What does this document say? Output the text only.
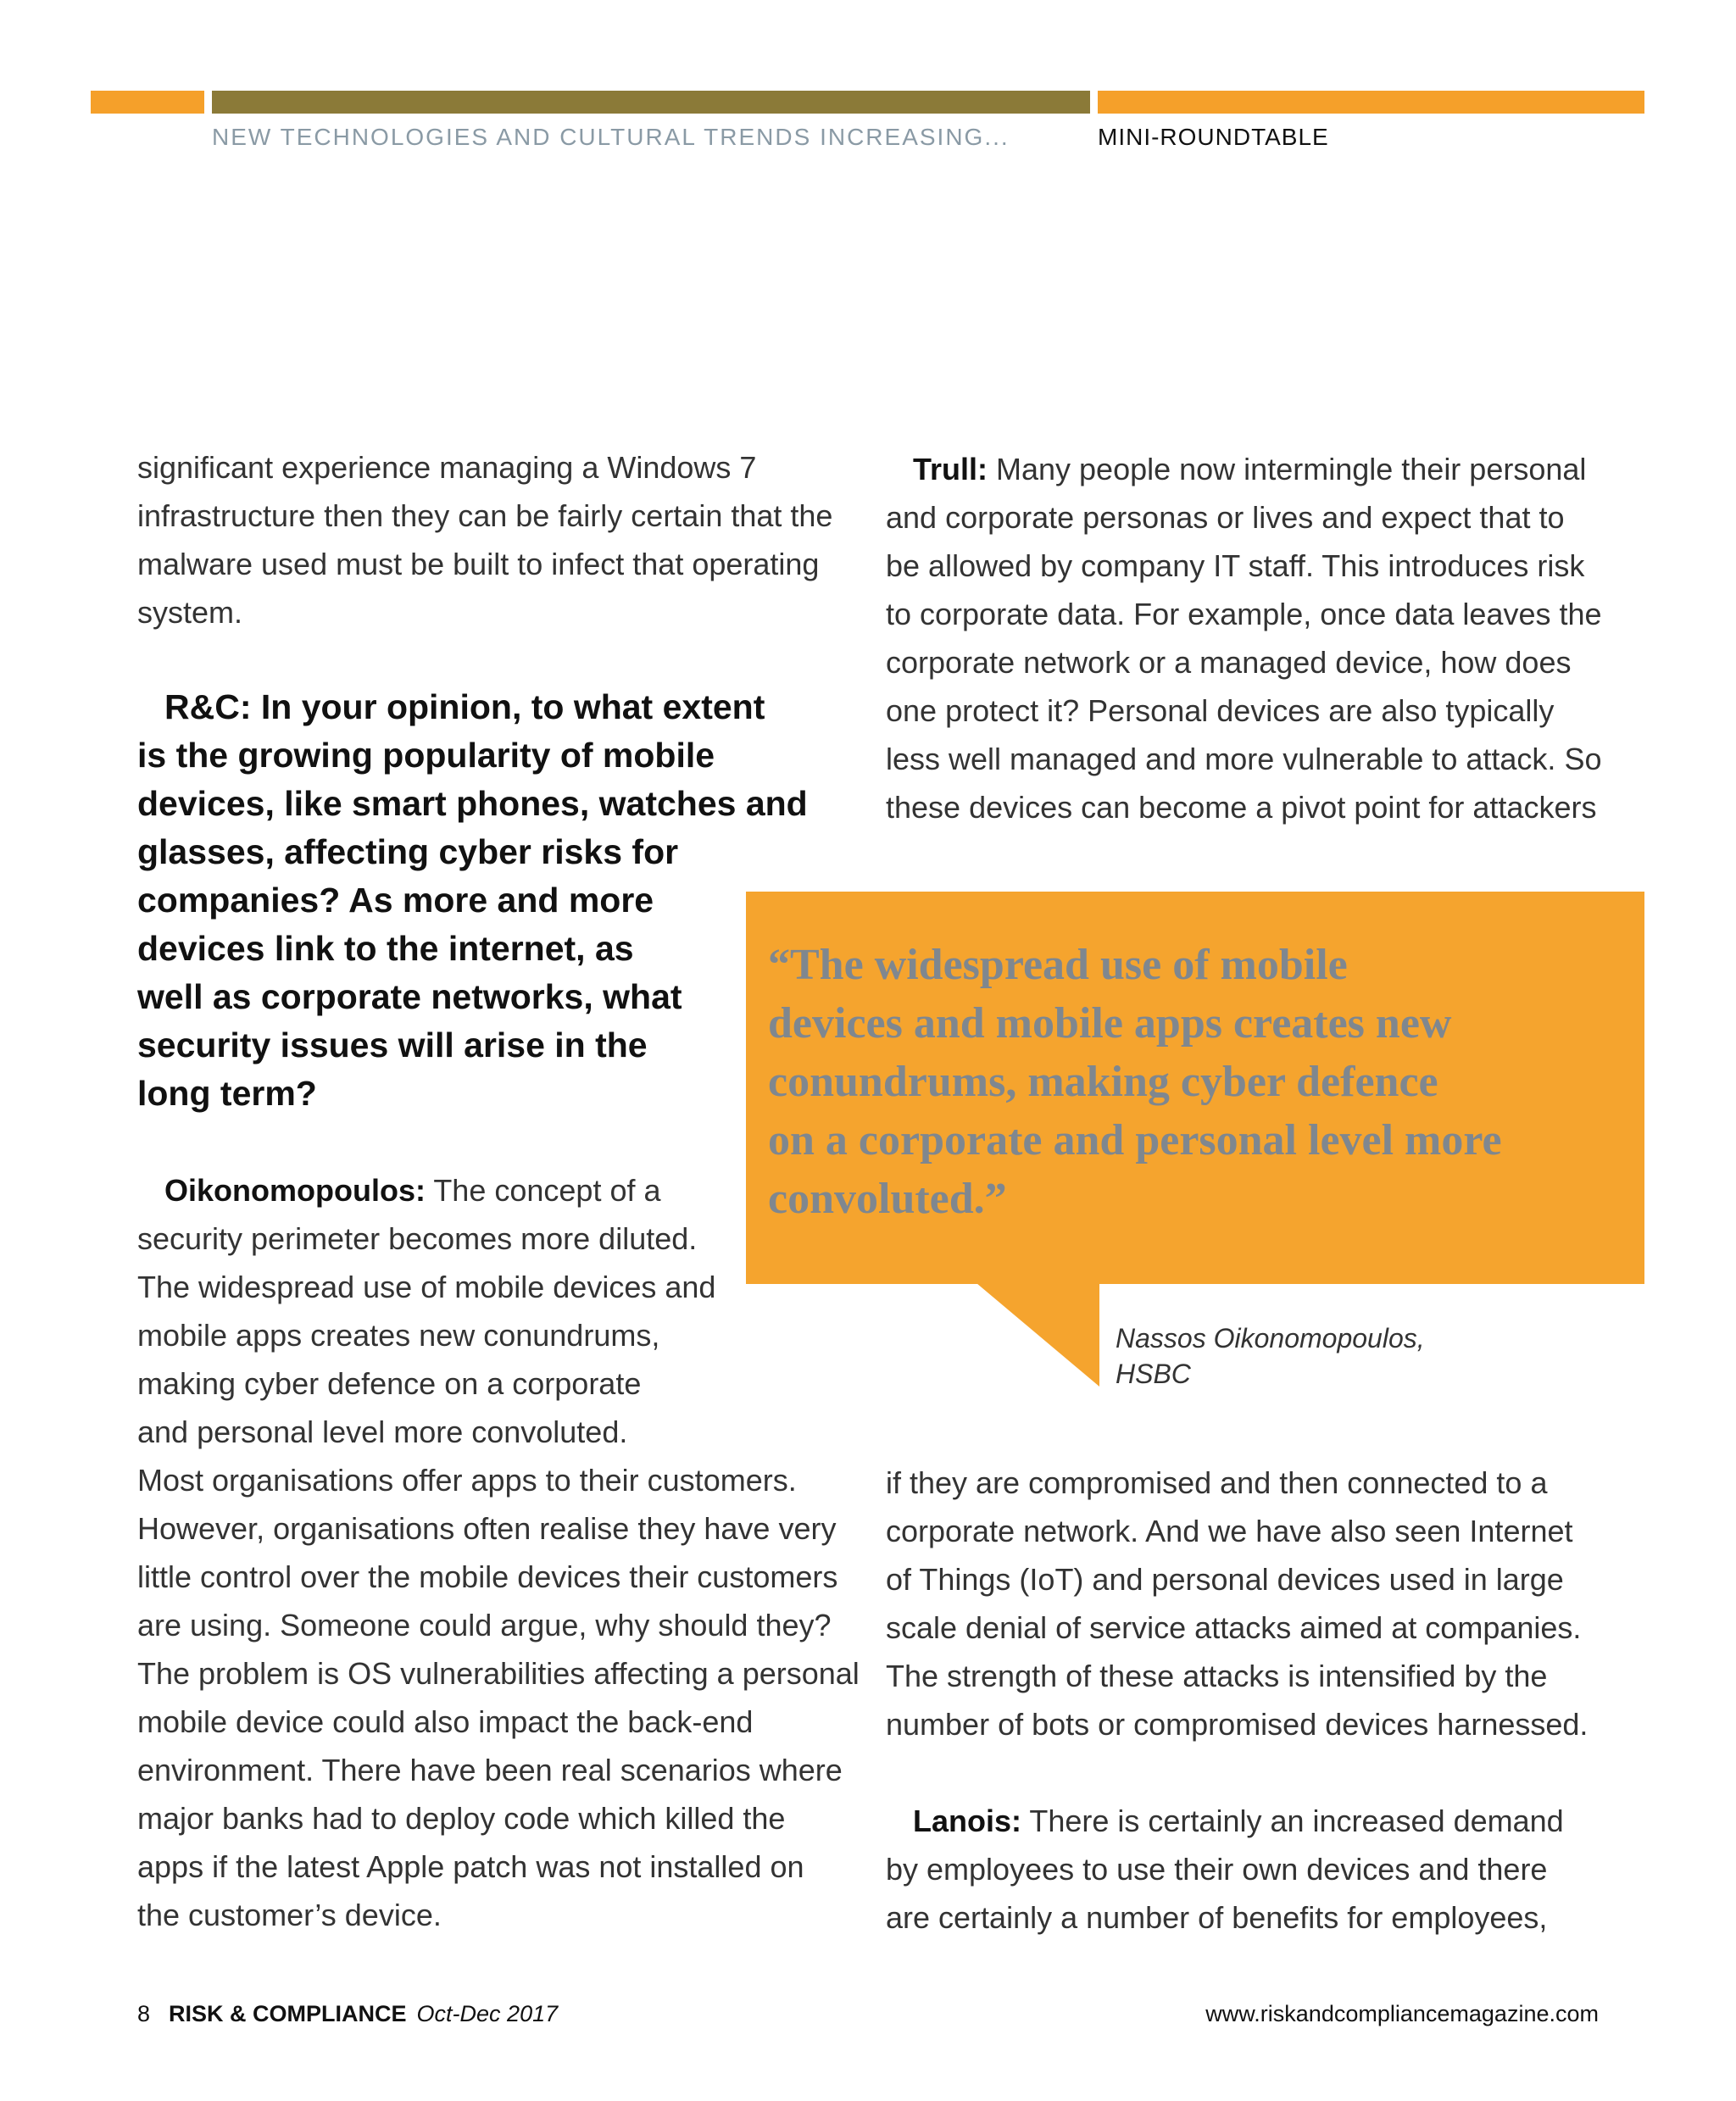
NEW TECHNOLOGIES AND CULTURAL TRENDS INCREASING...	MINI-ROUNDTABLE

significant experience managing a Windows 7

infrastructure then they can be fairly certain that the

malware used must be built to infect that operating

system.

R&C: In your opinion, to what extent

is the growing popularity of mobile

devices, like smart phones, watches and

glasses, affecting cyber risks for

companies? As more and more

devices link to the internet, as

well as corporate networks, what

security issues will arise in the

long term?

Oikonomopoulos: The concept of a

security perimeter becomes more diluted.

The widespread use of mobile devices and

mobile apps creates new conundrums,

making cyber defence on a corporate

and personal level more convoluted.

Most organisations offer apps to their customers.

However, organisations often realise they have very

little control over the mobile devices their customers

are using. Someone could argue, why should they?

The problem is OS vulnerabilities affecting a personal

mobile device could also impact the back-end

environment. There have been real scenarios where

major banks had to deploy code which killed the

apps if the latest Apple patch was not installed on

the customer’s device.

Trull: Many people now intermingle their personal

and corporate personas or lives and expect that to

be allowed by company IT staff. This introduces risk

to corporate data. For example, once data leaves the

corporate network or a managed device, how does

one protect it? Personal devices are also typically

less well managed and more vulnerable to attack. So

these devices can become a pivot point for attackers

“The widespread use of mobile
devices and mobile apps creates new
conundrums, making cyber defence
on a corporate and personal level more
convoluted.”
Nassos Oikonomopoulos,
HSBC

if they are compromised and then connected to a

corporate network. And we have also seen Internet

of Things (IoT) and personal devices used in large

scale denial of service attacks aimed at companies.

The strength of these attacks is intensified by the

number of bots or compromised devices harnessed.

Lanois: There is certainly an increased demand

by employees to use their own devices and there

are certainly a number of benefits for employees,

8 RISK & COMPLIANCE Oct-Dec 2017	www.riskandcompliancemagazine.com
